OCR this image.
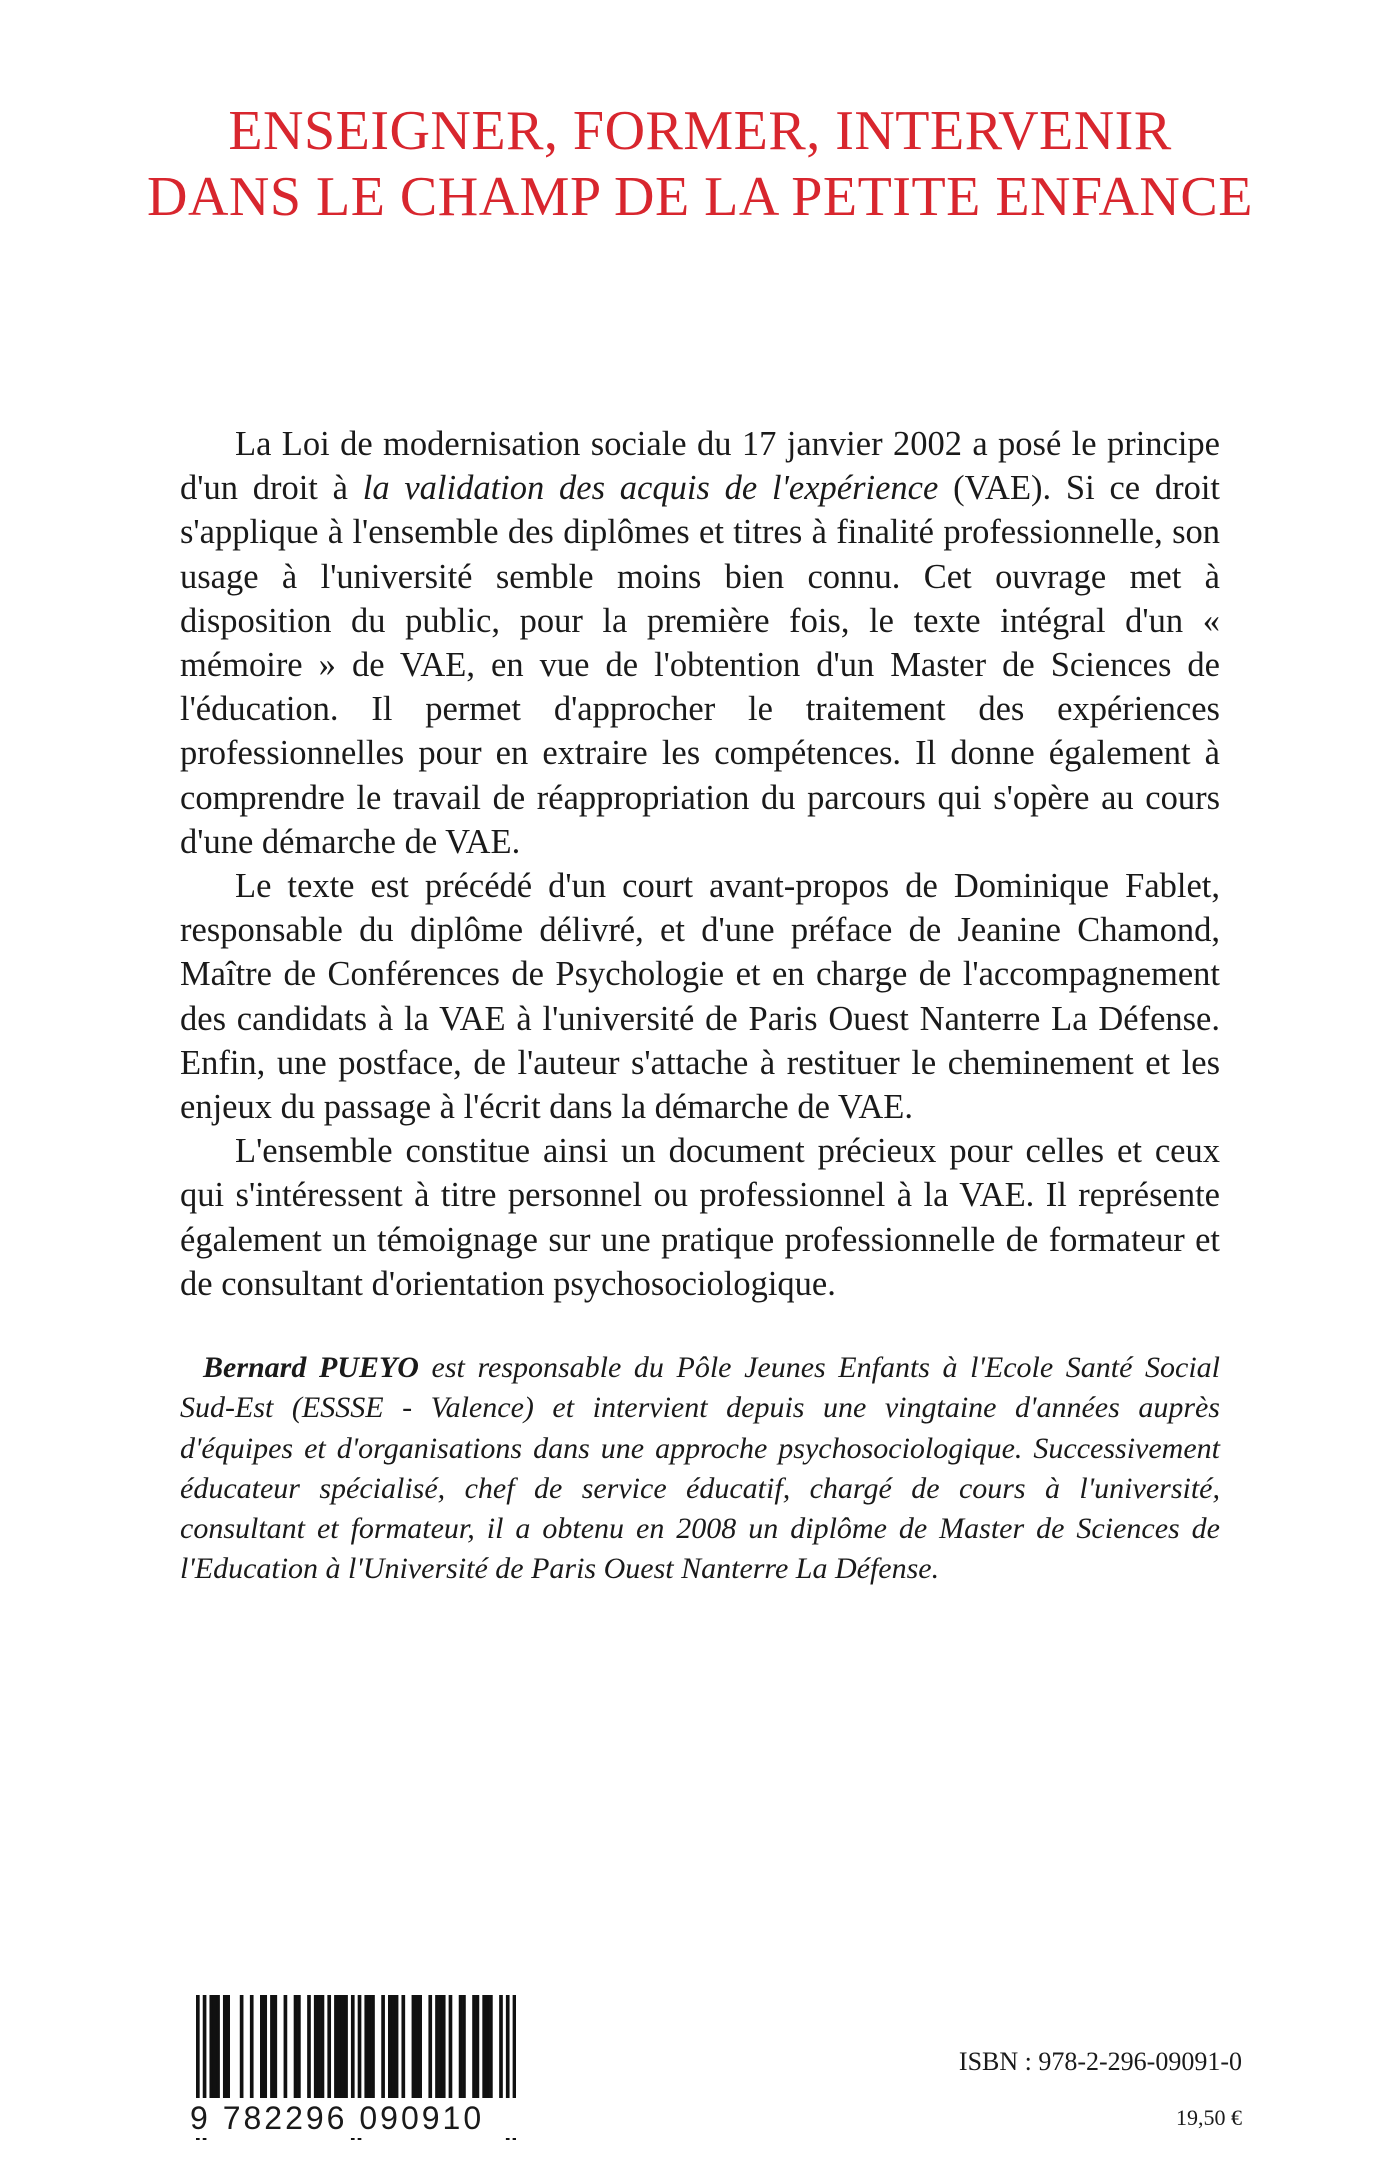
ENSEIGNER, FORMER, INTERVENIR
DANS LE CHAMP DE LA PETITE ENFANCE

La Loi de modernisation sociale du 17 janvier 2002 a posé le principe d'un droit à la validation des acquis de l'expérience (VAE). Si ce droit s'applique à l'ensemble des diplômes et titres à finalité professionnelle, son usage à l'université semble moins bien connu. Cet ouvrage met à disposition du public, pour la première fois, le texte intégral d'un « mémoire » de VAE, en vue de l'obtention d'un Master de Sciences de l'éducation. Il permet d'approcher le traitement des expériences professionnelles pour en extraire les compétences. Il donne également à comprendre le travail de réappropriation du parcours qui s'opère au cours d'une démarche de VAE.

Le texte est précédé d'un court avant-propos de Dominique Fablet, responsable du diplôme délivré, et d'une préface de Jeanine Chamond, Maître de Conférences de Psychologie et en charge de l'accompagnement des candidats à la VAE à l'université de Paris Ouest Nanterre La Défense. Enfin, une postface, de l'auteur s'attache à restituer le cheminement et les enjeux du passage à l'écrit dans la démarche de VAE.

L'ensemble constitue ainsi un document précieux pour celles et ceux qui s'intéressent à titre personnel ou professionnel à la VAE. Il représente également un témoignage sur une pratique professionnelle de formateur et de consultant d'orientation psychosociologique.

Bernard PUEYO est responsable du Pôle Jeunes Enfants à l'Ecole Santé Social Sud-Est (ESSSE - Valence) et intervient depuis une vingtaine d'années auprès d'équipes et d'organisations dans une approche psychosociologique. Successivement éducateur spécialisé, chef de service éducatif, chargé de cours à l'université, consultant et formateur, il a obtenu en 2008 un diplôme de Master de Sciences de l'Education à l'Université de Paris Ouest Nanterre La Défense.

9 782296 090910
ISBN : 978-2-296-09091-0
19,50 €
